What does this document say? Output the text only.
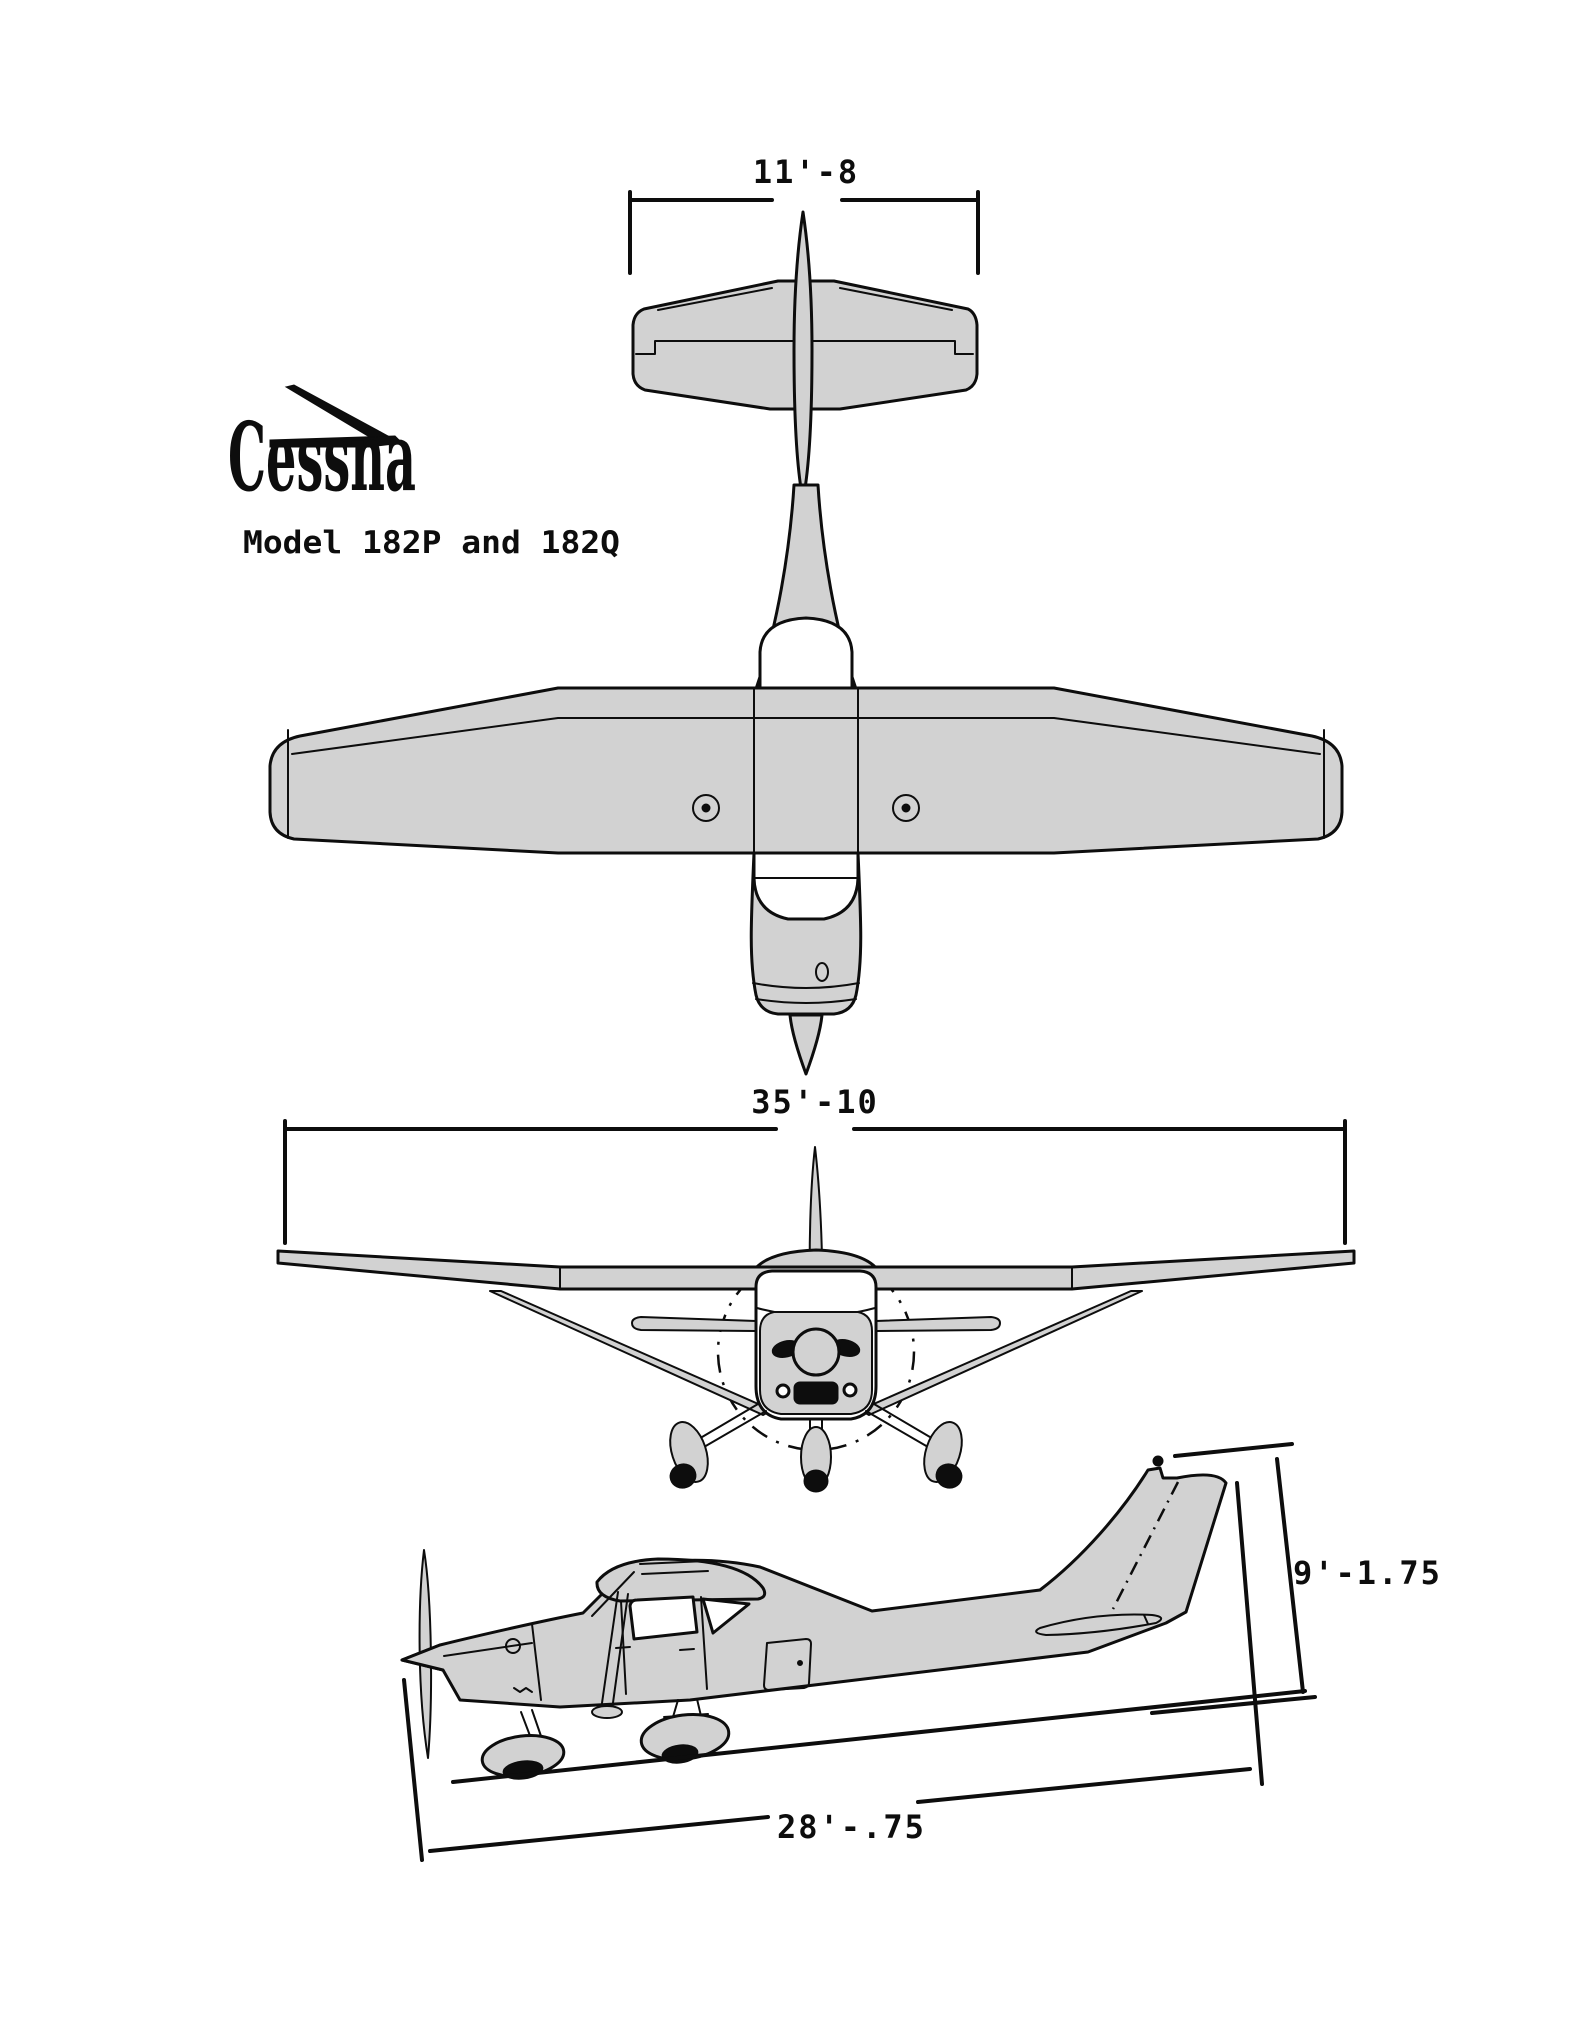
Cessna
Model 182P and 182Q
11'-8
35'-10
9'-1.75
28'-.75
